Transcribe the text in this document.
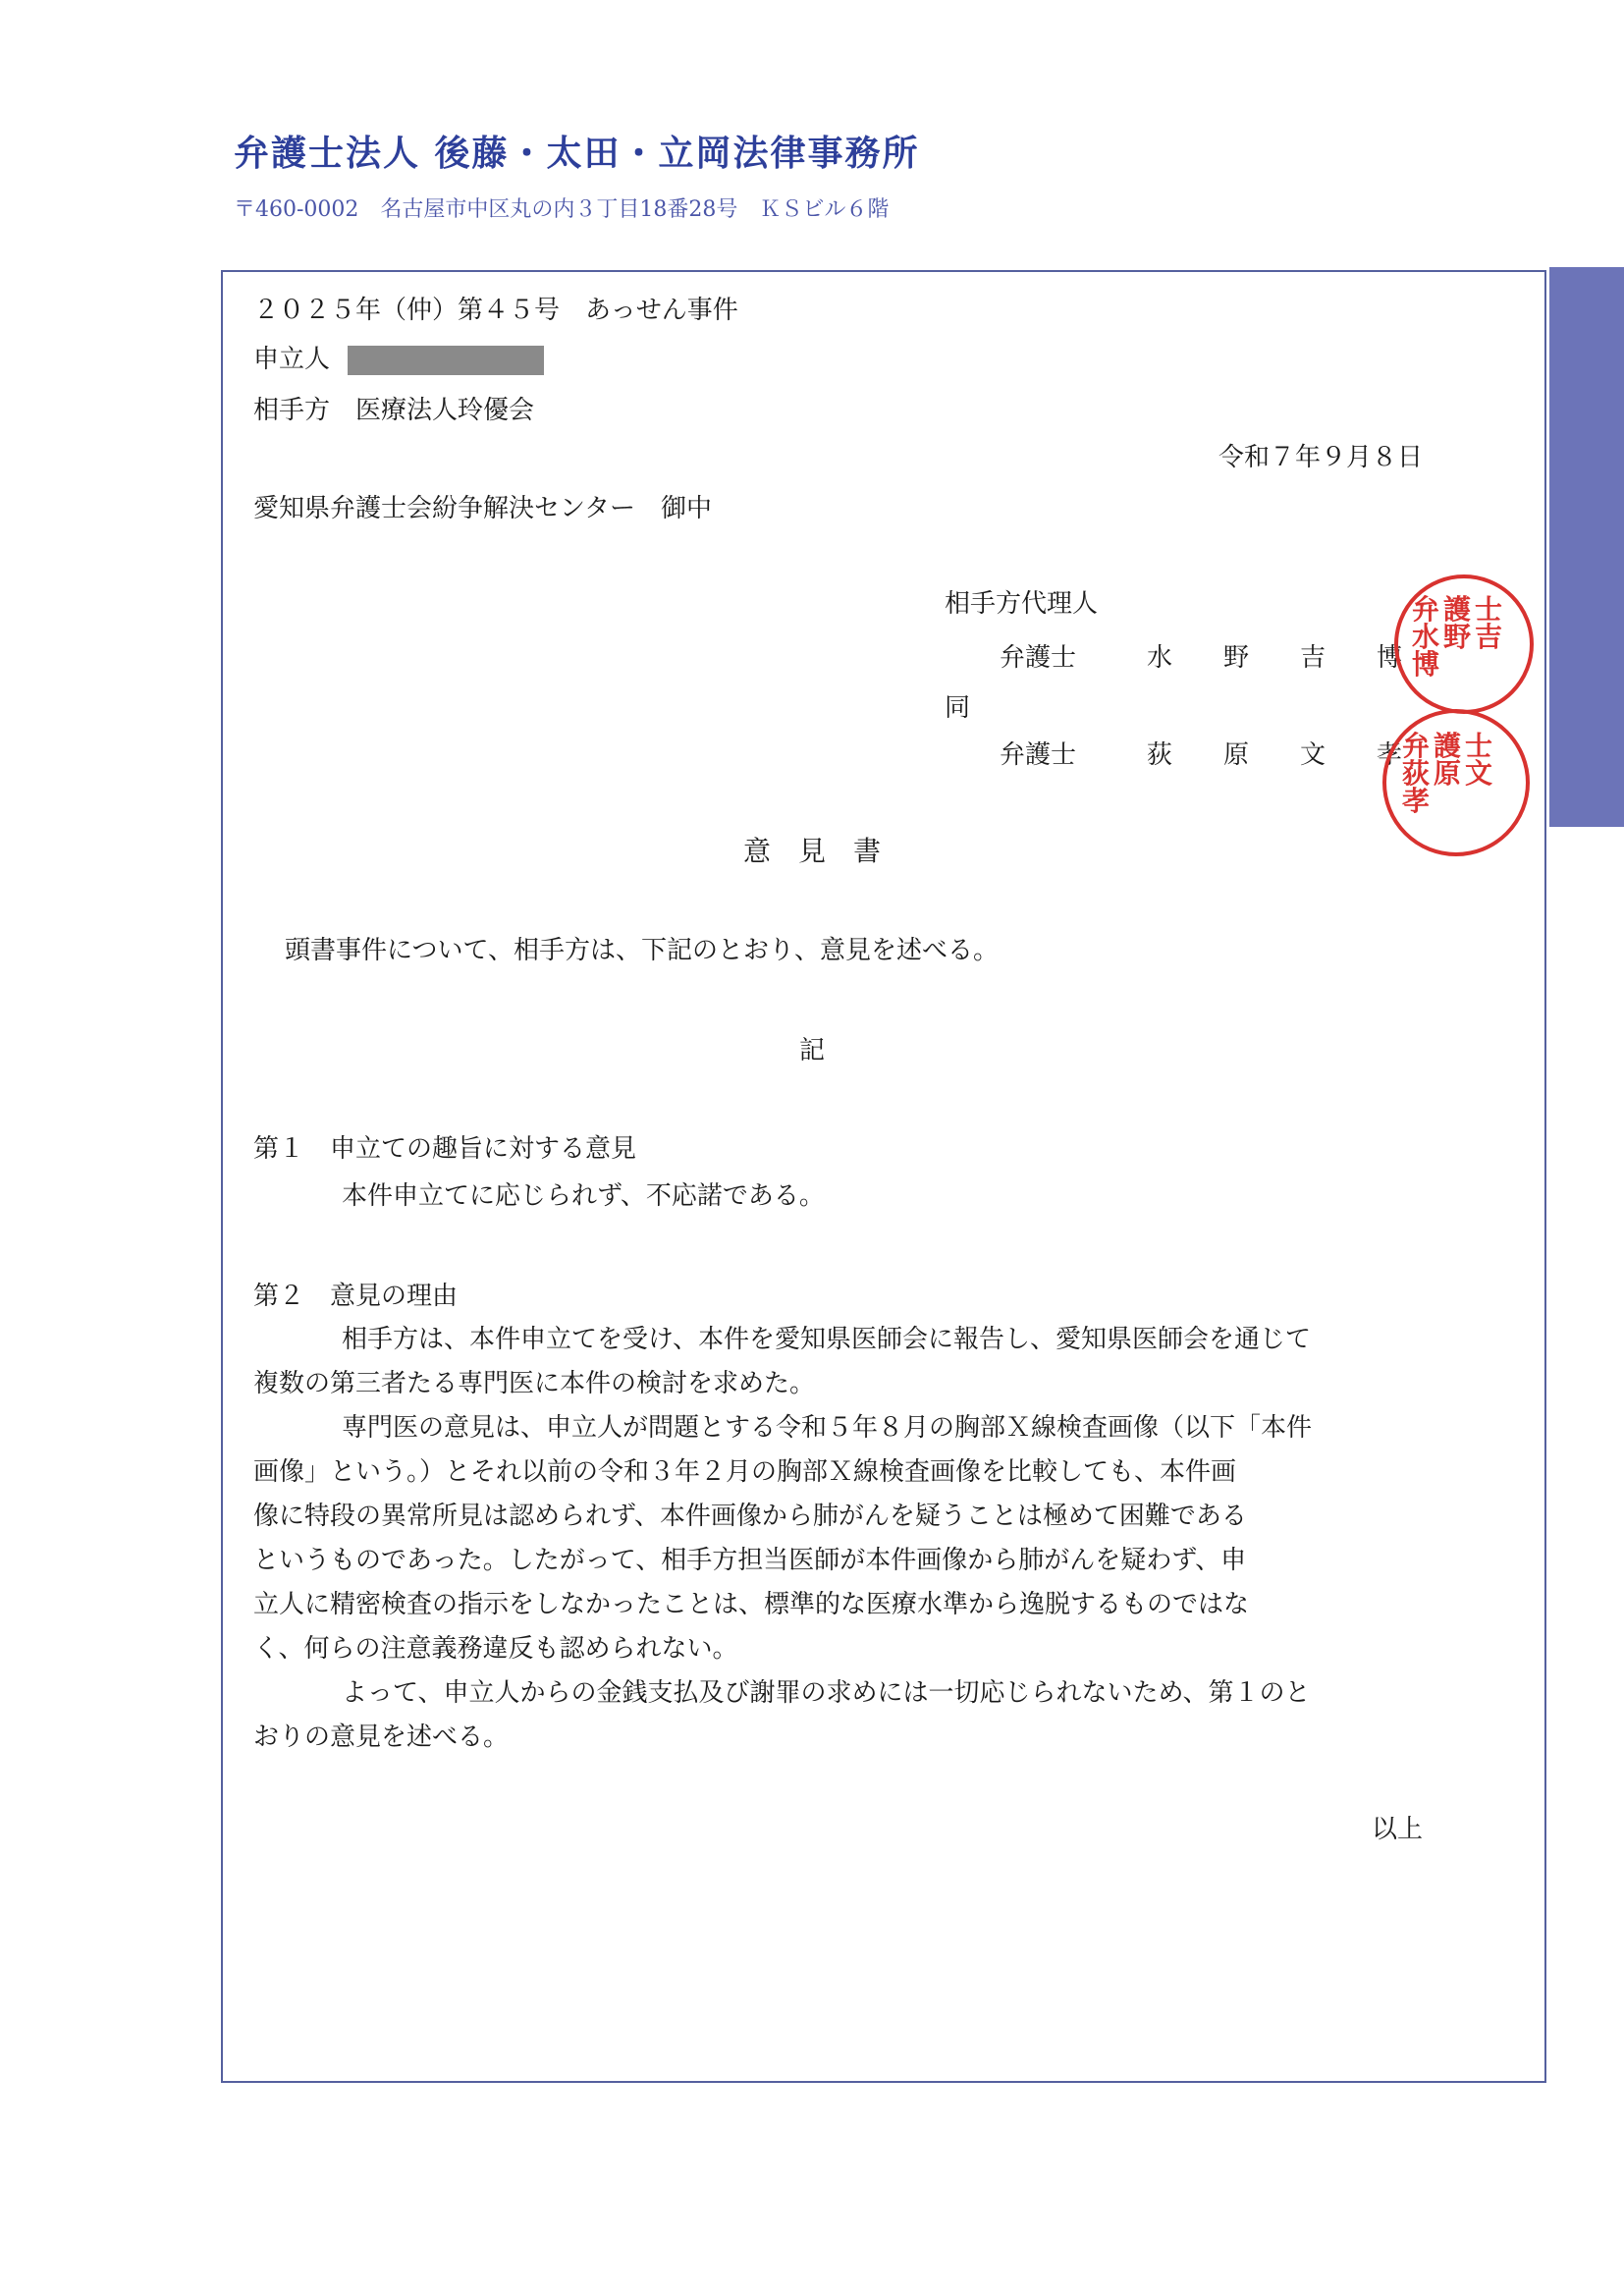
弁護士法人 後藤・太田・立岡法律事務所
〒460-0002　名古屋市中区丸の内３丁目18番28号　ＫＳビル６階
２０２５年（仲）第４５号　あっせん事件
申立人
相手方　医療法人玲優会
令和７年９月８日
愛知県弁護士会紛争解決センター　御中
相手方代理人
弁護士	水　　野　　吉　　博
同
弁護士	荻　　原　　文　　孝
弁護士水野吉博
弁護士荻原文孝
意　見　書
頭書事件について、相手方は、下記のとおり、意見を述べる。
記
第１　申立ての趣旨に対する意見
本件申立てに応じられず、不応諾である。
第２　意見の理由

相手方は、本件申立てを受け、本件を愛知県医師会に報告し、愛知県医師会を通じて

複数の第三者たる専門医に本件の検討を求めた。

専門医の意見は、申立人が問題とする令和５年８月の胸部Ｘ線検査画像（以下「本件

画像」という。）とそれ以前の令和３年２月の胸部Ｘ線検査画像を比較しても、本件画

像に特段の異常所見は認められず、本件画像から肺がんを疑うことは極めて困難である

というものであった。したがって、相手方担当医師が本件画像から肺がんを疑わず、申

立人に精密検査の指示をしなかったことは、標準的な医療水準から逸脱するものではな

く、何らの注意義務違反も認められない。

よって、申立人からの金銭支払及び謝罪の求めには一切応じられないため、第１のと

おりの意見を述べる。

以上
